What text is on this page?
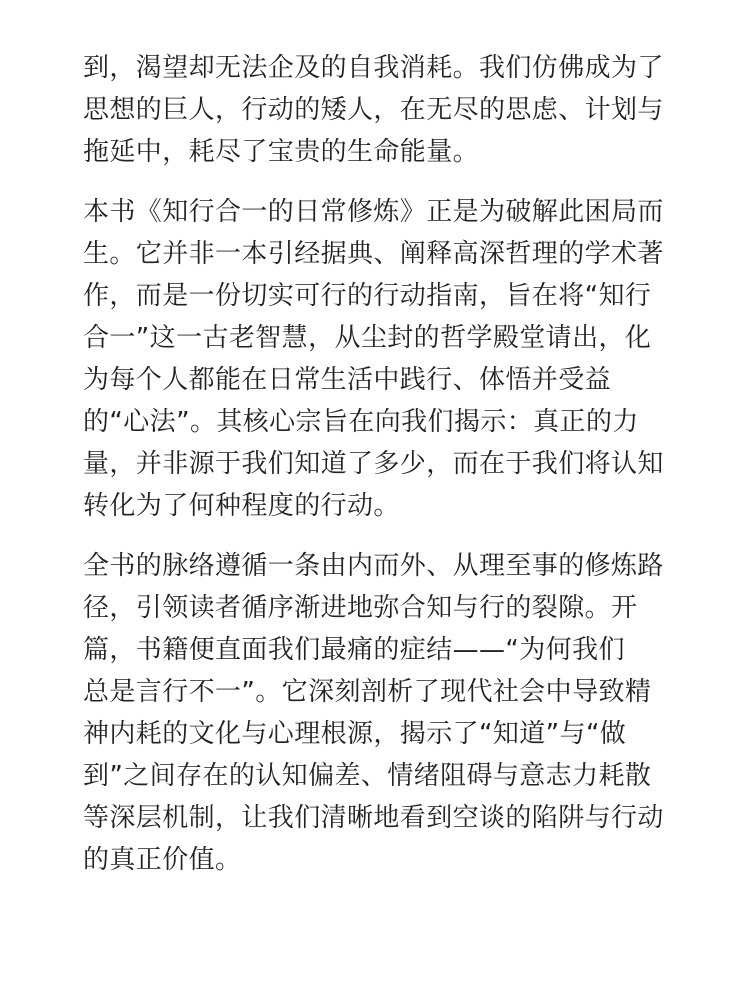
到，渴望却无法企及的自我消耗。我们仿佛成为了
思想的巨人，行动的矮人，在无尽的思虑、计划与
拖延中，耗尽了宝贵的生命能量。
本书《知行合一的日常修炼》正是为破解此困局而
生。它并非一本引经据典、阐释高深哲理的学术著
作，而是一份切实可行的行动指南，旨在将“知行
合一”这一古老智慧，从尘封的哲学殿堂请出，化
为每个人都能在日常生活中践行、体悟并受益
的“心法”。其核心宗旨在向我们揭示：真正的力
量，并非源于我们知道了多少，而在于我们将认知
转化为了何种程度的行动。
全书的脉络遵循一条由内而外、从理至事的修炼路
径，引领读者循序渐进地弥合知与行的裂隙。开
篇，书籍便直面我们最痛的症结——“为何我们
总是言行不一”。它深刻剖析了现代社会中导致精
神内耗的文化与心理根源，揭示了“知道”与“做
到”之间存在的认知偏差、情绪阻碍与意志力耗散
等深层机制，让我们清晰地看到空谈的陷阱与行动
的真正价值。
